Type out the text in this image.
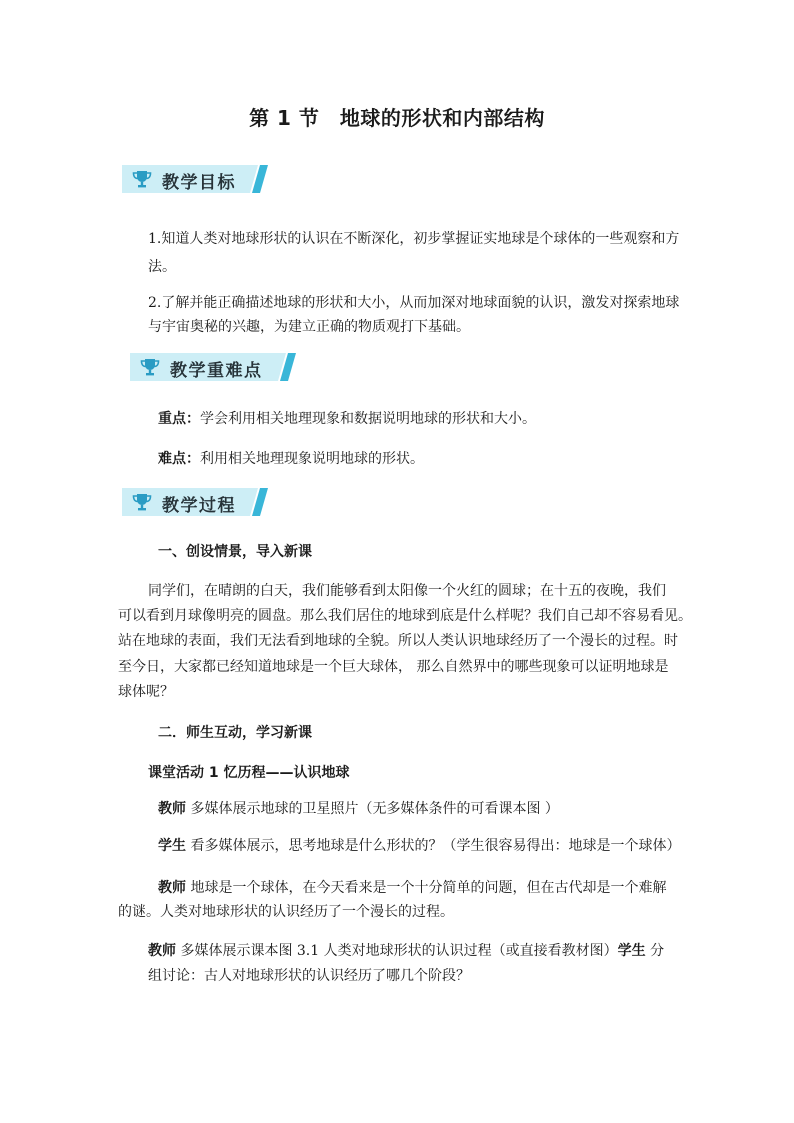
第 1 节　地球的形状和内部结构
教学目标
1.知道人类对地球形状的认识在不断深化，初步掌握证实地球是个球体的一些观察和方
法。
2.了解并能正确描述地球的形状和大小，从而加深对地球面貌的认识，激发对探索地球
与宇宙奥秘的兴趣，为建立正确的物质观打下基础。
教学重难点
重点：学会利用相关地理现象和数据说明地球的形状和大小。
难点：利用相关地理现象说明地球的形状。
教学过程
一、创设情景，导入新课
同学们，在晴朗的白天，我们能够看到太阳像一个火红的圆球；在十五的夜晚，我们
可以看到月球像明亮的圆盘。那么我们居住的地球到底是什么样呢？我们自己却不容易看见。
站在地球的表面，我们无法看到地球的全貌。所以人类认识地球经历了一个漫长的过程。时
至今日，大家都已经知道地球是一个巨大球体， 那么自然界中的哪些现象可以证明地球是
球体呢？
二．师生互动，学习新课
课堂活动 1 忆历程——认识地球
教师 多媒体展示地球的卫星照片（无多媒体条件的可看课本图 ）
学生 看多媒体展示，思考地球是什么形状的？（学生很容易得出：地球是一个球体）
教师 地球是一个球体，在今天看来是一个十分简单的问题，但在古代却是一个难解
的谜。人类对地球形状的认识经历了一个漫长的过程。
教师 多媒体展示课本图 3.1 人类对地球形状的认识过程（或直接看教材图）学生 分
组讨论：古人对地球形状的认识经历了哪几个阶段？
